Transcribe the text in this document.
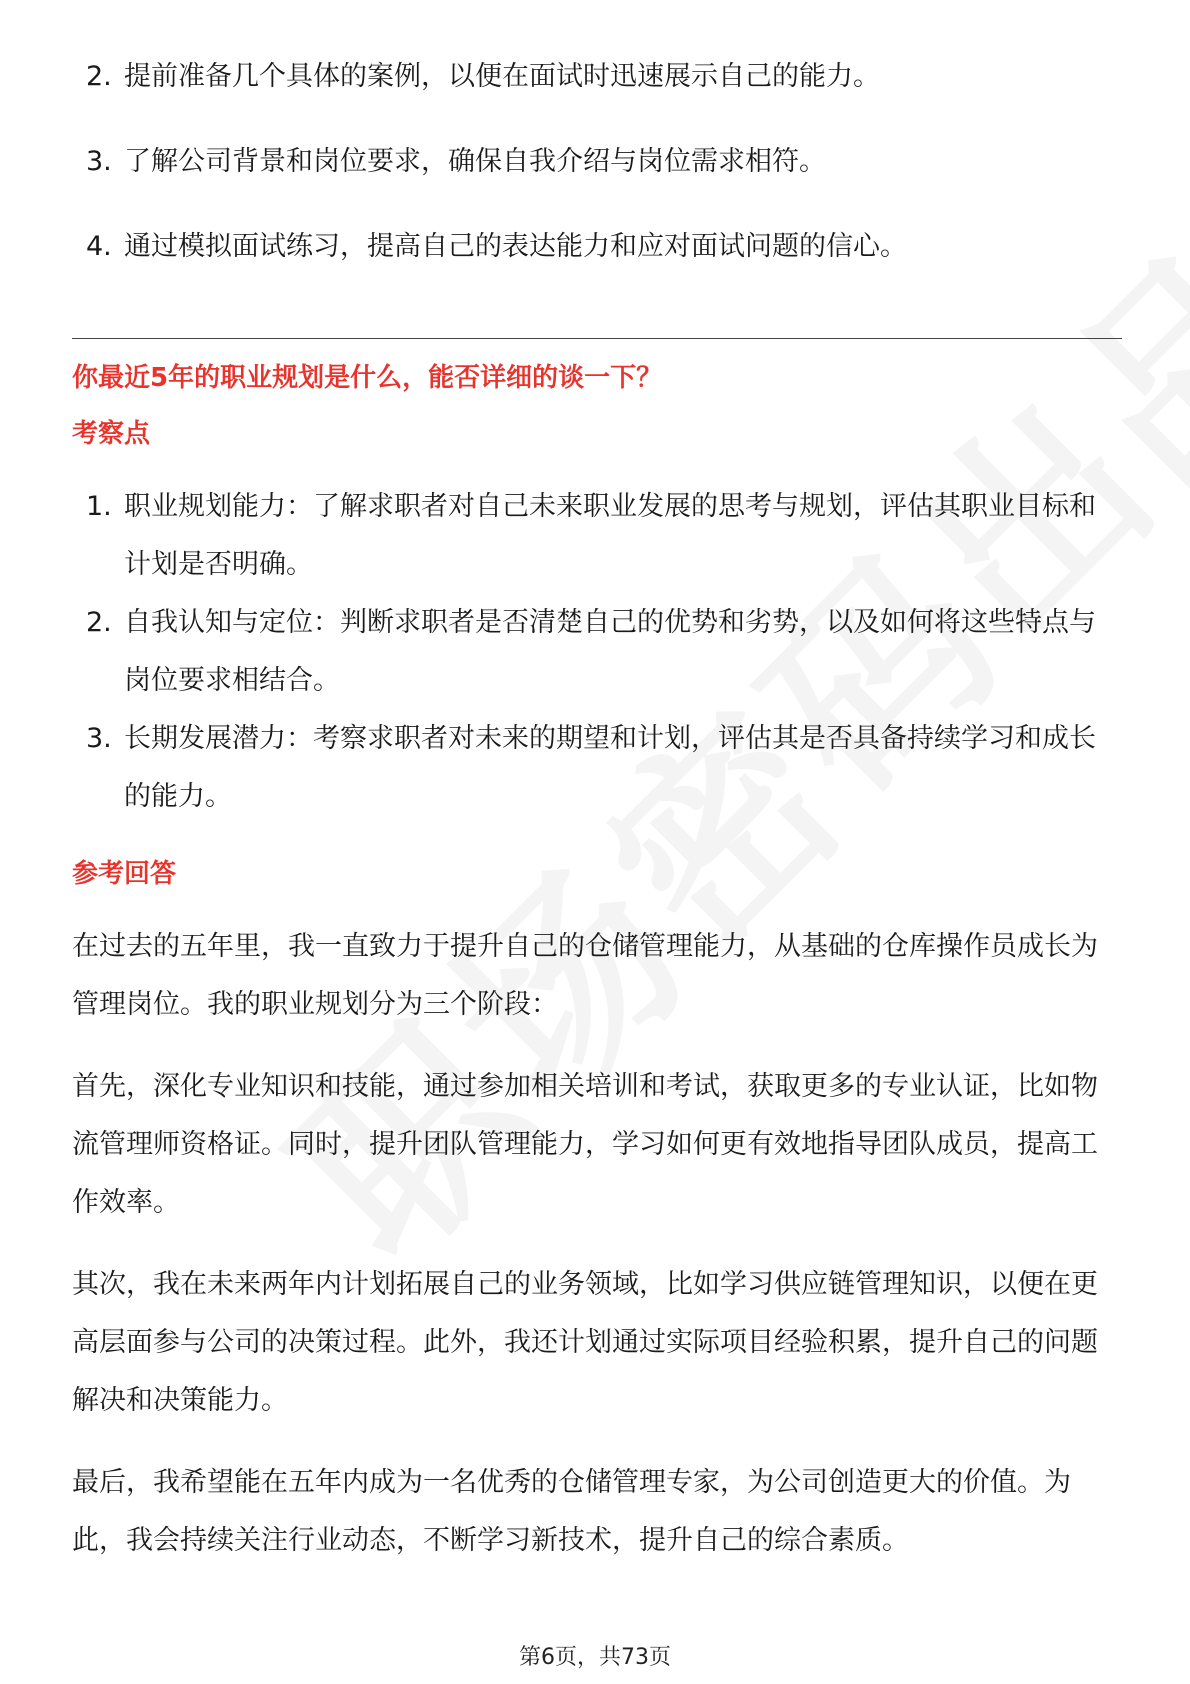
2. 提前准备几个具体的案例，以便在面试时迅速展示自己的能力。
3. 了解公司背景和岗位要求，确保自我介绍与岗位需求相符。
4. 通过模拟面试练习，提高自己的表达能力和应对面试问题的信心。
你最近5年的职业规划是什么，能否详细的谈一下？
考察点
1. 职业规划能力：了解求职者对自己未来职业发展的思考与规划，评估其职业目标和计划是否明确。
2. 自我认知与定位：判断求职者是否清楚自己的优势和劣势，以及如何将这些特点与岗位要求相结合。
3. 长期发展潜力：考察求职者对未来的期望和计划，评估其是否具备持续学习和成长的能力。
参考回答

在过去的五年里，我一直致力于提升自己的仓储管理能力，从基础的仓库操作员成长为管理岗位。我的职业规划分为三个阶段：

首先，深化专业知识和技能，通过参加相关培训和考试，获取更多的专业认证，比如物流管理师资格证。同时，提升团队管理能力，学习如何更有效地指导团队成员，提高工作效率。

其次，我在未来两年内计划拓展自己的业务领域，比如学习供应链管理知识，以便在更高层面参与公司的决策过程。此外，我还计划通过实际项目经验积累，提升自己的问题解决和决策能力。

最后，我希望能在五年内成为一名优秀的仓储管理专家，为公司创造更大的价值。为此，我会持续关注行业动态，不断学习新技术，提升自己的综合素质。

第6页，共73页
